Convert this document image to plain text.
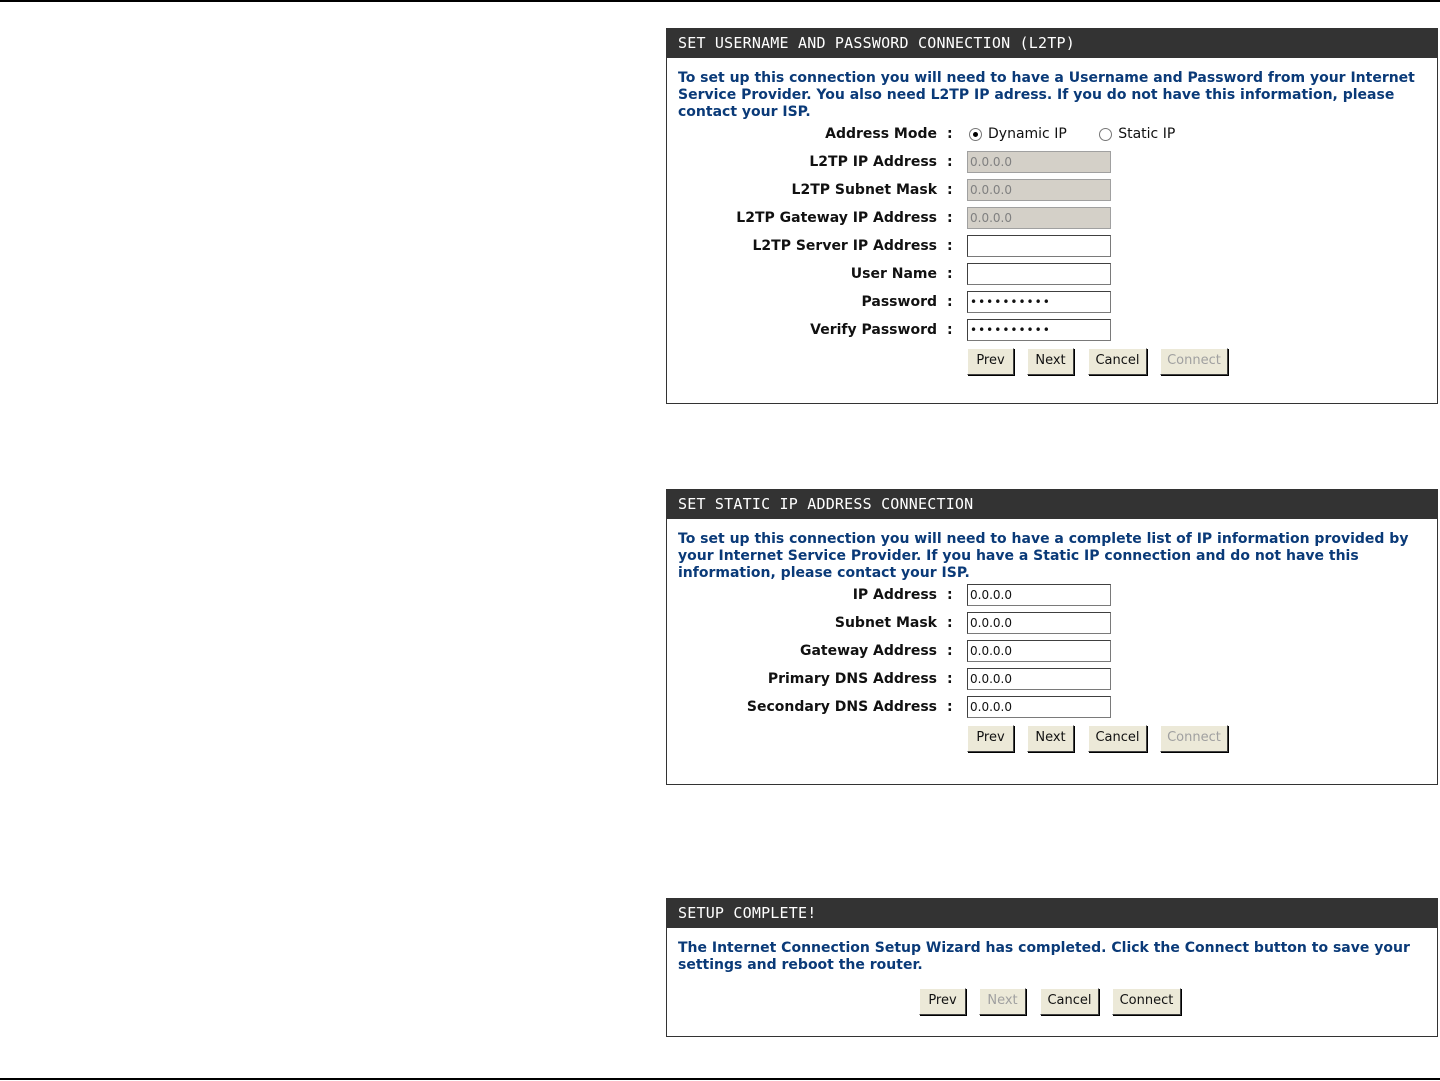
SET USERNAME AND PASSWORD CONNECTION (L2TP)
To set up this connection you will need to have a Username and Password from your Internet Service Provider. You also need L2TP IP adress. If you do not have this information, please contact your ISP.
Address Mode :	Dynamic IP	Static IP
L2TP IP Address : 0.0.0.0
L2TP Subnet Mask : 0.0.0.0
L2TP Gateway IP Address : 0.0.0.0
L2TP Server IP Address :
User Name :
Password : ••••••••••
Verify Password : ••••••••••
Prev	Next	Cancel	Connect
SET STATIC IP ADDRESS CONNECTION
To set up this connection you will need to have a complete list of IP information provided by your Internet Service Provider. If you have a Static IP connection and do not have this information, please contact your ISP.
IP Address : 0.0.0.0
Subnet Mask : 0.0.0.0
Gateway Address : 0.0.0.0
Primary DNS Address : 0.0.0.0
Secondary DNS Address : 0.0.0.0
Prev	Next	Cancel	Connect
SETUP COMPLETE!
The Internet Connection Setup Wizard has completed. Click the Connect button to save your settings and reboot the router.
Prev	Next	Cancel	Connect
